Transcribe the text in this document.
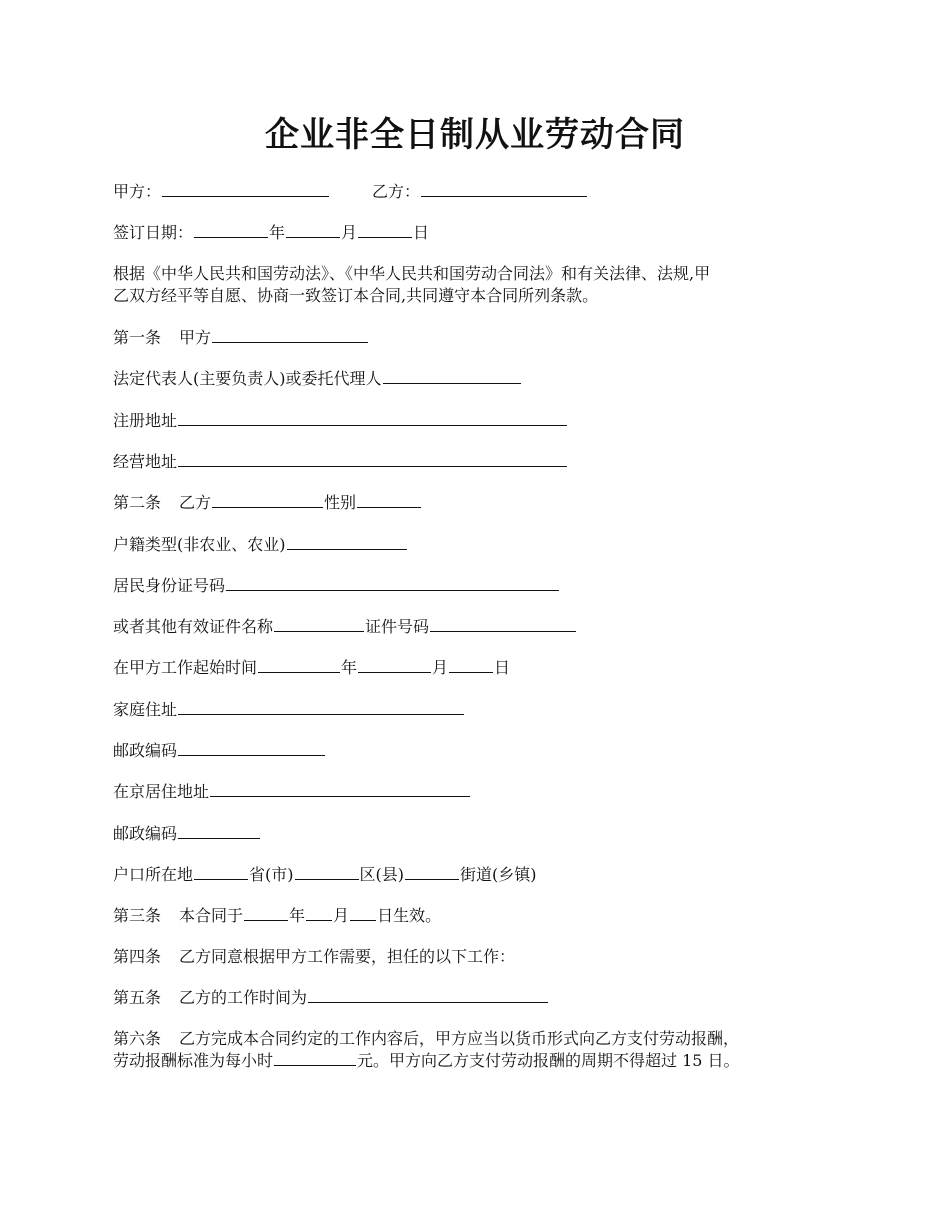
企业非全日制从业劳动合同
甲方：	乙方：
签订日期：	年	月	日
根据《中华人民共和国劳动法》、《中华人民共和国劳动合同法》和有关法律、法规,甲
乙双方经平等自愿、协商一致签订本合同,共同遵守本合同所列条款。
第一条 甲方
法定代表人(主要负责人)或委托代理人
注册地址
经营地址
第二条 乙方	性别
户籍类型(非农业、农业)
居民身份证号码
或者其他有效证件名称	证件号码
在甲方工作起始时间	年	月	日
家庭住址
邮政编码
在京居住地址
邮政编码
户口所在地	省(市)	区(县)	街道(乡镇)
第三条 本合同于	年 月 日生效。
第四条 乙方同意根据甲方工作需要，担任的以下工作：
第五条 乙方的工作时间为
第六条 乙方完成本合同约定的工作内容后，甲方应当以货币形式向乙方支付劳动报酬，
劳动报酬标准为每小时	元。甲方向乙方支付劳动报酬的周期不得超过 15 日。
